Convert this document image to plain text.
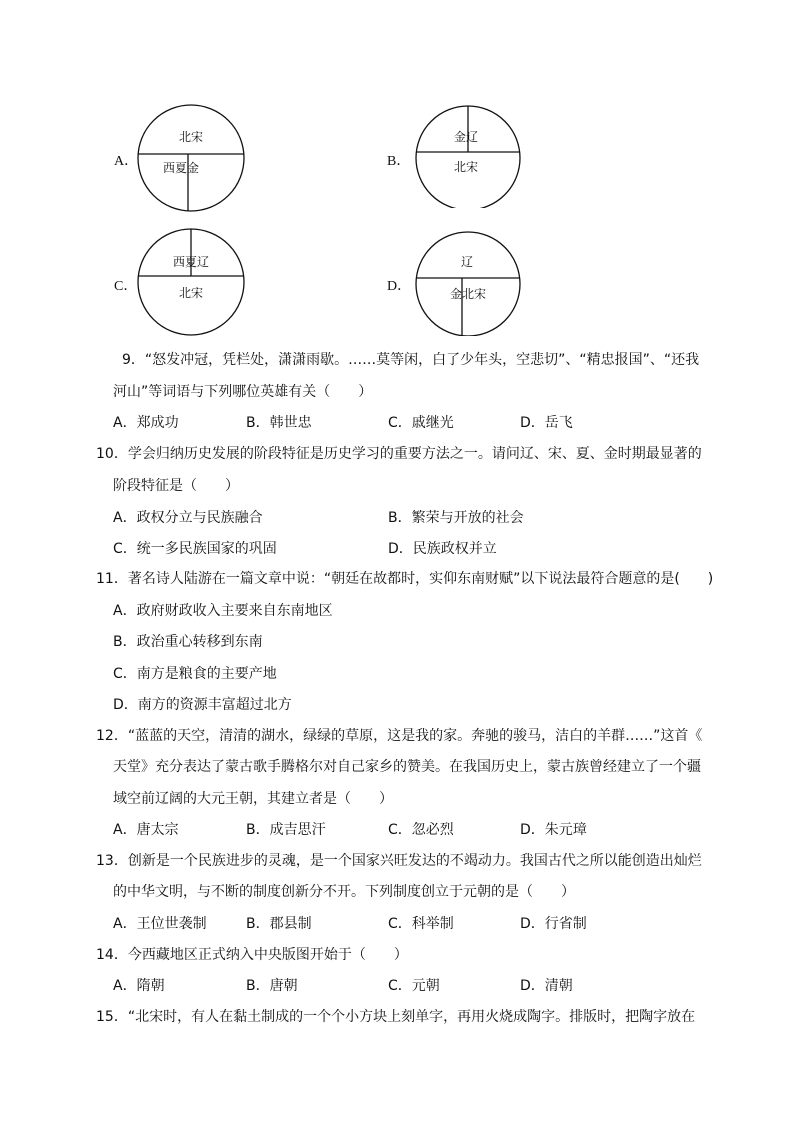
A．
北宋
西夏金	B．
金辽
北宋
C．
西夏辽
北宋	D．
辽
金北宋
9．“怒发冲冠，凭栏处，潇潇雨歇。……莫等闲，白了少年头，空悲切”、“精忠报国”、“还我
河山”等词语与下列哪位英雄有关（　　）
A．郑成功	B．韩世忠	C．戚继光	D．岳飞
10．学会归纳历史发展的阶段特征是历史学习的重要方法之一。请问辽、宋、夏、金时期最显著的
阶段特征是（　　）
A．政权分立与民族融合	B．繁荣与开放的社会
C．统一多民族国家的巩固	D．民族政权并立
11．著名诗人陆游在一篇文章中说：“朝廷在故都时，实仰东南财赋”以下说法最符合题意的是(　　)
A．政府财政收入主要来自东南地区
B．政治重心转移到东南
C．南方是粮食的主要产地
D．南方的资源丰富超过北方
12．“蓝蓝的天空，清清的湖水，绿绿的草原，这是我的家。奔驰的骏马，洁白的羊群……”这首《
天堂》充分表达了蒙古歌手腾格尔对自己家乡的赞美。在我国历史上，蒙古族曾经建立了一个疆
域空前辽阔的大元王朝，其建立者是（　　）
A．唐太宗	B．成吉思汗	C．忽必烈	D．朱元璋
13．创新是一个民族进步的灵魂，是一个国家兴旺发达的不竭动力。我国古代之所以能创造出灿烂
的中华文明，与不断的制度创新分不开。下列制度创立于元朝的是（　　）
A．王位世袭制	B．郡县制	C．科举制	D．行省制
14．今西藏地区正式纳入中央版图开始于（　　）
A．隋朝	B．唐朝	C．元朝	D．清朝
15．“北宋时，有人在黏土制成的一个个小方块上刻单字，再用火烧成陶字。排版时，把陶字放在
